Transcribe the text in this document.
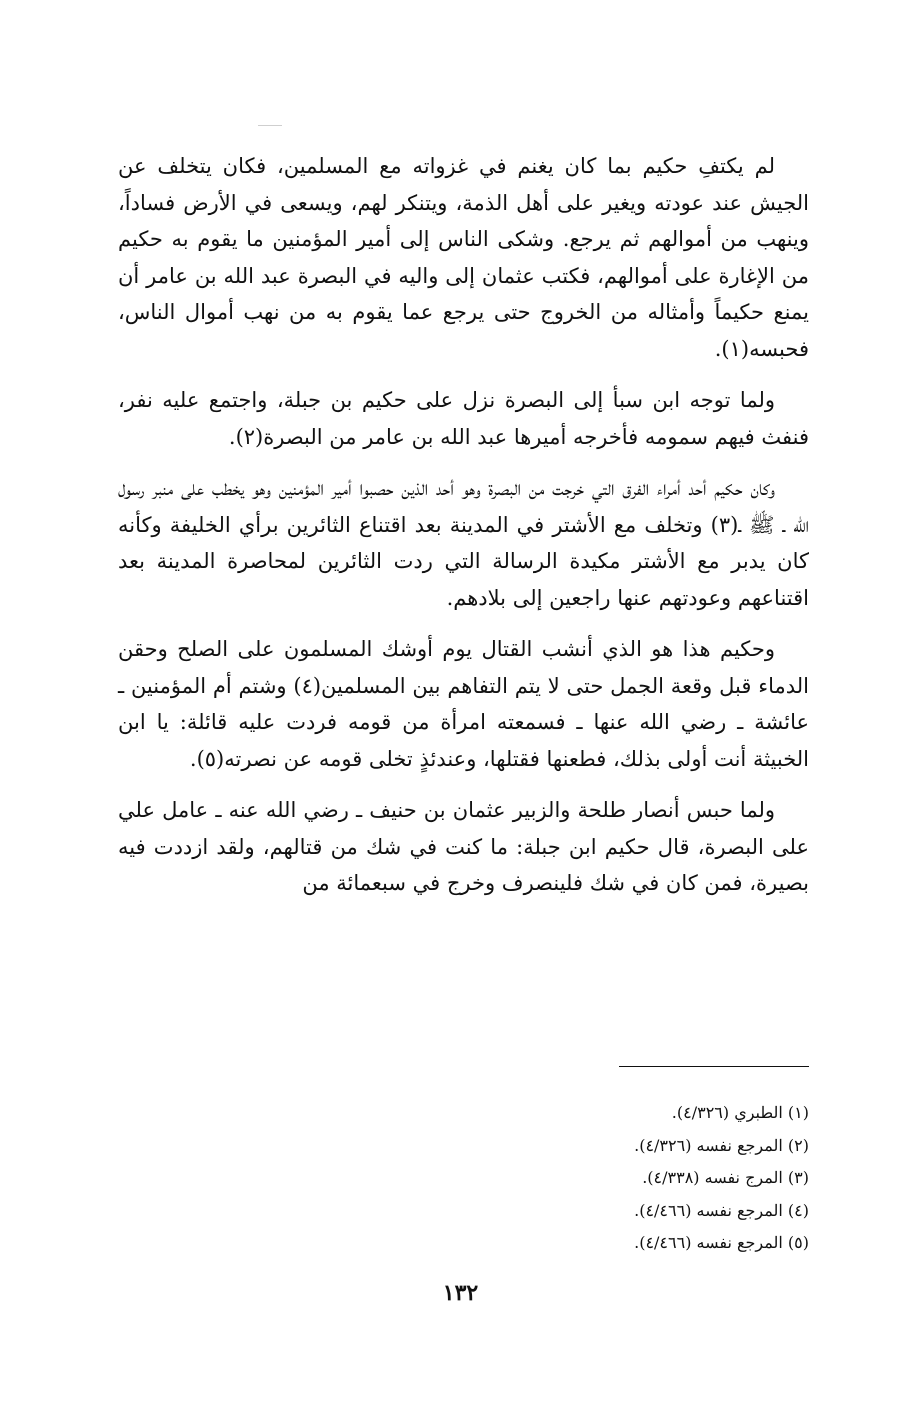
لم يكتفِ حكيم بما كان يغنم في غزواته مع المسلمين، فكان يتخلف عن الجيش عند عودته ويغير على أهل الذمة، ويتنكر لهم، ويسعى في الأرض فساداً، وينهب من أموالهم ثم يرجع. وشكى الناس إلى أمير المؤمنين ما يقوم به حكيم من الإغارة على أموالهم، فكتب عثمان إلى واليه في البصرة عبد الله بن عامر أن يمنع حكيماً وأمثاله من الخروج حتى يرجع عما يقوم به من نهب أموال الناس، فحبسه(١).

ولما توجه ابن سبأ إلى البصرة نزل على حكيم بن جبلة، واجتمع عليه نفر، فنفث فيهم سمومه فأخرجه أميرها عبد الله بن عامر من البصرة(٢).

وكان حكيم أحد أمراء الفرق التي خرجت من البصرة وهو أحد الذين حصبوا أمير المؤمنين وهو يخطب على منبر رسول الله ـ ﷺ ـ(٣) وتخلف مع الأشتر في المدينة بعد اقتناع الثائرين برأي الخليفة وكأنه كان يدبر مع الأشتر مكيدة الرسالة التي ردت الثائرين لمحاصرة المدينة بعد اقتناعهم وعودتهم عنها راجعين إلى بلادهم.

وحكيم هذا هو الذي أنشب القتال يوم أوشك المسلمون على الصلح وحقن الدماء قبل وقعة الجمل حتى لا يتم التفاهم بين المسلمين(٤) وشتم أم المؤمنين ـ عائشة ـ رضي الله عنها ـ فسمعته امرأة من قومه فردت عليه قائلة: يا ابن الخبيثة أنت أولى بذلك، فطعنها فقتلها، وعندئذٍ تخلى قومه عن نصرته(٥).

ولما حبس أنصار طلحة والزبير عثمان بن حنيف ـ رضي الله عنه ـ عامل علي على البصرة، قال حكيم ابن جبلة: ما كنت في شك من قتالهم، ولقد ازددت فيه بصيرة، فمن كان في شك فلينصرف وخرج في سبعمائة من

(١) الطبري (٤/٣٢٦).
(٢) المرجع نفسه (٤/٣٢٦).
(٣) المرج نفسه (٤/٣٣٨).
(٤) المرجع نفسه (٤/٤٦٦).
(٥) المرجع نفسه (٤/٤٦٦).
١٣٢
